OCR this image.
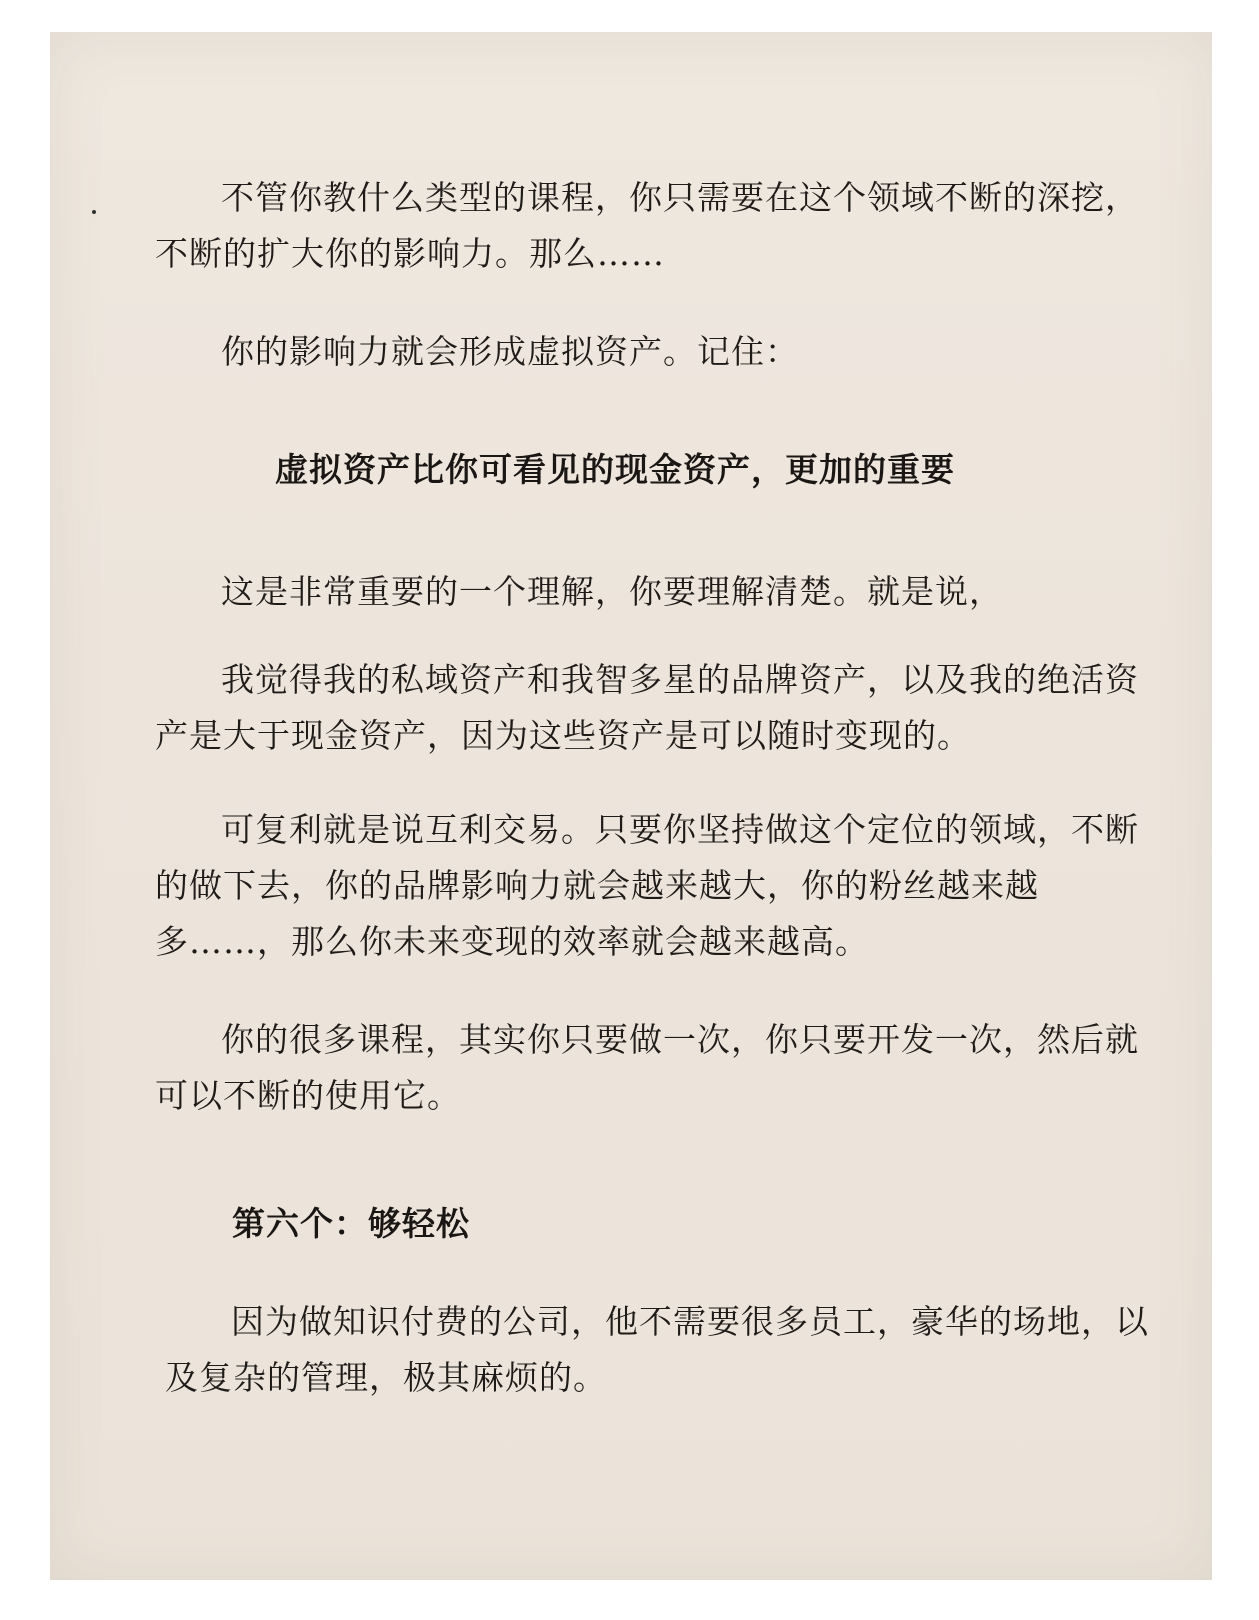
不管你教什么类型的课程，你只需要在这个领域不断的深挖，不断的扩大你的影响力。那么……

你的影响力就会形成虚拟资产。记住：

虚拟资产比你可看见的现金资产，更加的重要

这是非常重要的一个理解，你要理解清楚。就是说，

我觉得我的私域资产和我智多星的品牌资产，以及我的绝活资产是大于现金资产，因为这些资产是可以随时变现的。

可复利就是说互利交易。只要你坚持做这个定位的领域，不断的做下去，你的品牌影响力就会越来越大，你的粉丝越来越多……，那么你未来变现的效率就会越来越高。

你的很多课程，其实你只要做一次，你只要开发一次，然后就可以不断的使用它。

第六个：够轻松

因为做知识付费的公司，他不需要很多员工，豪华的场地，以及复杂的管理，极其麻烦的。
